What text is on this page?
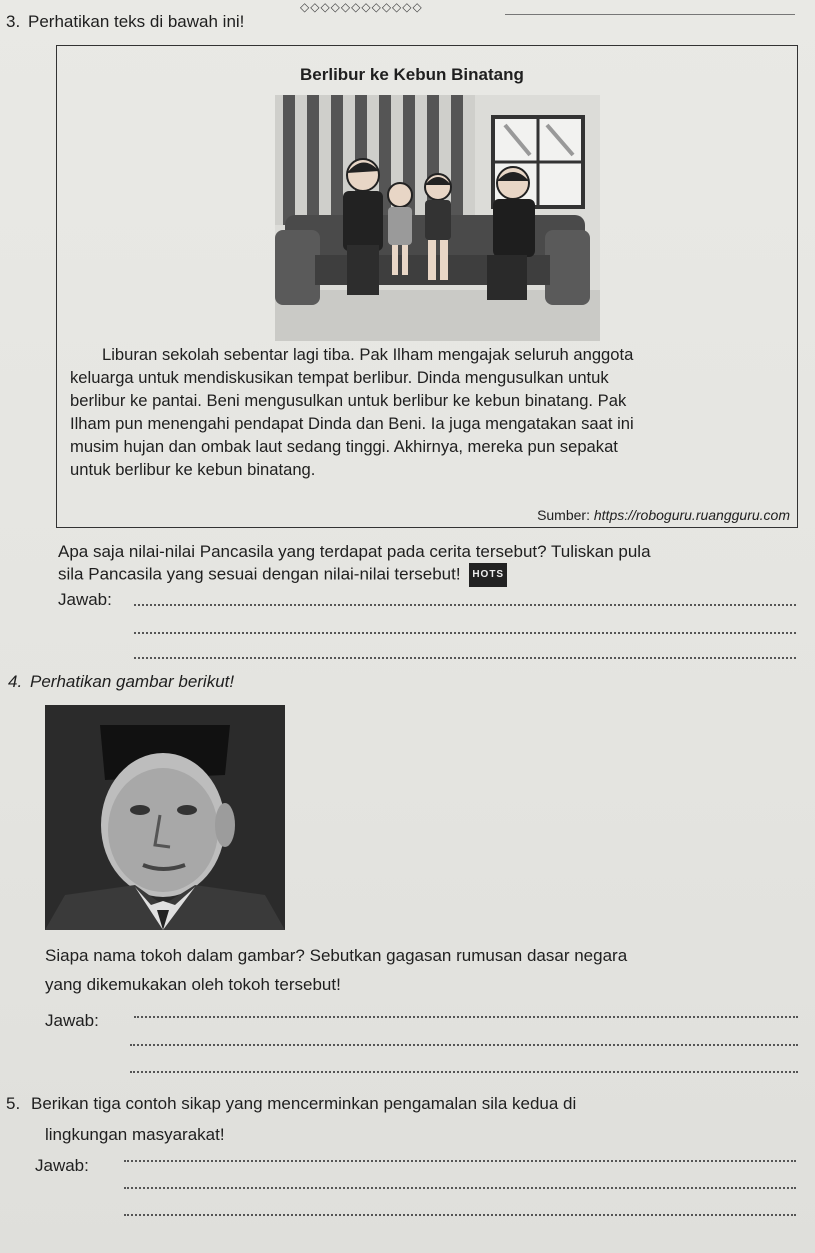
◇◇◇◇◇◇◇◇◇◇◇◇
3. Perhatikan teks di bawah ini!
Berlibur ke Kebun Binatang
Liburan sekolah sebentar lagi tiba. Pak Ilham mengajak seluruh anggota
keluarga untuk mendiskusikan tempat berlibur. Dinda mengusulkan untuk
berlibur ke pantai. Beni mengusulkan untuk berlibur ke kebun binatang. Pak
Ilham pun menengahi pendapat Dinda dan Beni. Ia juga mengatakan saat ini
musim hujan dan ombak laut sedang tinggi. Akhirnya, mereka pun sepakat
untuk berlibur ke kebun binatang.
Sumber: https://roboguru.ruangguru.com
Apa saja nilai-nilai Pancasila yang terdapat pada cerita tersebut? Tuliskan pula
sila Pancasila yang sesuai dengan nilai-nilai tersebut! HOTS
Jawab:
4. Perhatikan gambar berikut!
Siapa nama tokoh dalam gambar? Sebutkan gagasan rumusan dasar negara
yang dikemukakan oleh tokoh tersebut!
Jawab:
5. Berikan tiga contoh sikap yang mencerminkan pengamalan sila kedua di
lingkungan masyarakat!
Jawab:
